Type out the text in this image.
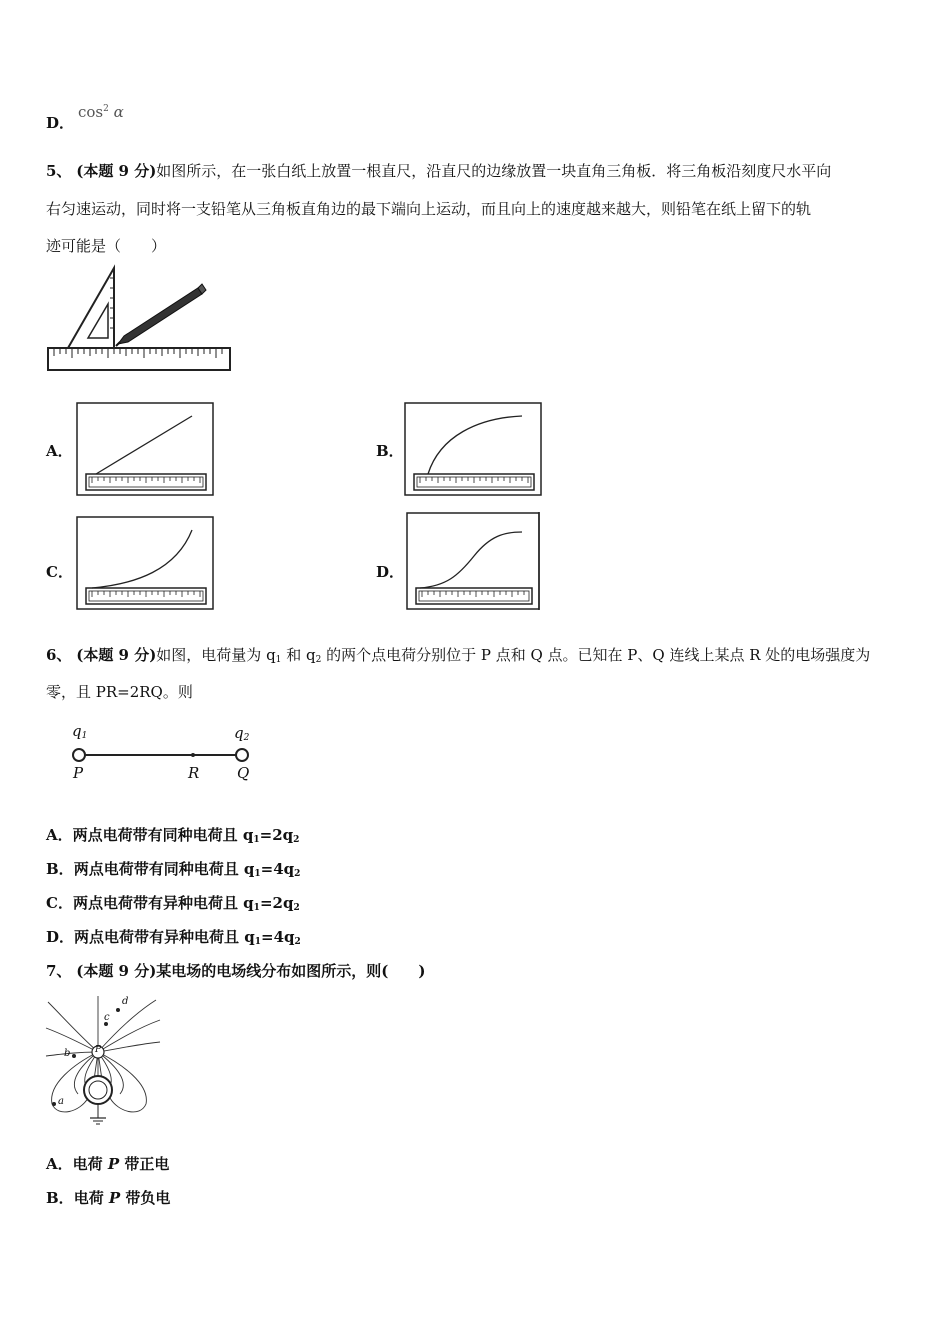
D．
$\cos^2 \alpha$
5、 (本题 9 分)如图所示，在一张白纸上放置一根直尺，沿直尺的边缘放置一块直角三角板．将三角板沿刻度尺水平向
右匀速运动，同时将一支铅笔从三角板直角边的最下端向上运动，而且向上的速度越来越大，则铅笔在纸上留下的轨
迹可能是（　　）
A．	B．
C．	D．
6、 (本题 9 分)如图，电荷量为 $q_1$ 和 $q_2$ 的两个点电荷分别位于 P 点和 Q 点。已知在 P、Q 连线上某点 R 处的电场强度为
零，且 PR=2RQ。则
$q_1$	$q_2$
P	R	Q
A．两点电荷带有同种电荷且 $q_1=2q_2$
B．两点电荷带有同种电荷且 $q_1=4q_2$
C．两点电荷带有异种电荷且 $q_1=2q_2$
D．两点电荷带有异种电荷且 $q_1=4q_2$
7、 (本题 9 分)某电场的电场线分布如图所示，则(　　)
P
a
b
c
d
A．电荷 P 带正电
B．电荷 P 带负电
